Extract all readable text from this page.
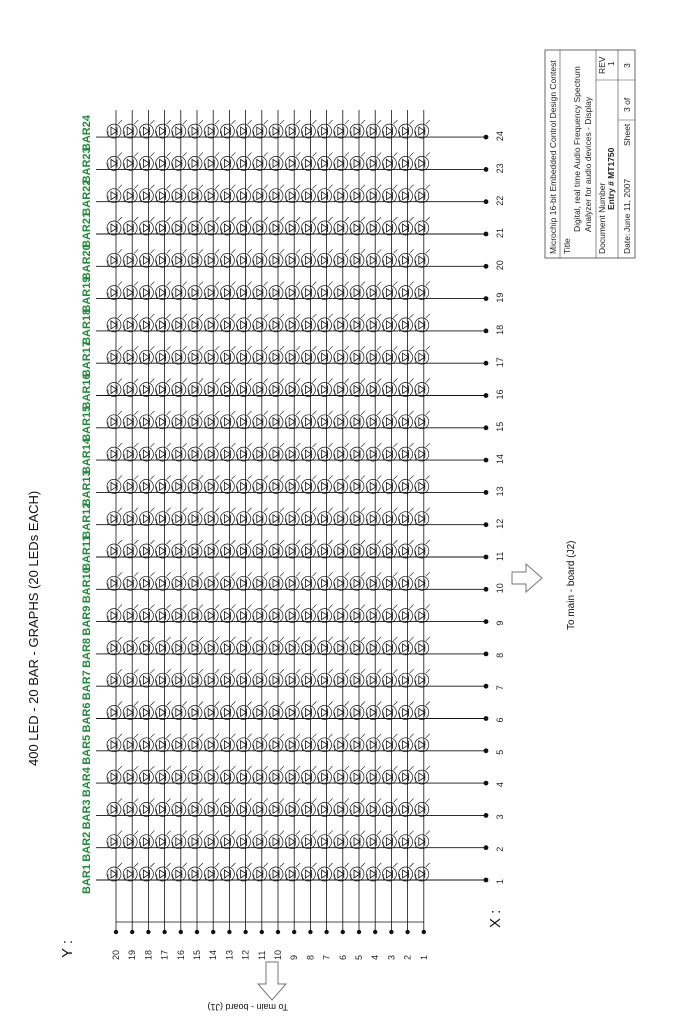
400 LED - 20 BAR - GRAPHS (20 LEDs EACH)
Y :
X :
BAR1
BAR2
BAR3
BAR4
BAR5
BAR6
BAR7
BAR8
BAR9
BAR10
BAR11
BAR12
BAR13
BAR14
BAR15
BAR16
BAR17
BAR18
BAR19
BAR20
BAR21
BAR22
BAR23
BAR24
1
2
3
4
5
6
7
8
9
10
11
12
13
14
15
16
17
18
19
20
21
22
23
24
20 19 18 17 16 15 14 13 12 11 10 9 8 7 6 5 4 3 2 1
To main - board (J1)
To main - board (J2)
Microchip 16-bit Embedded Control Design Contest Title
Digital, real time Audio Frequency Spectrum Analyzer for audio devices - Display Document Number
Entry # MT1750
REV 1
Date:
June 11, 2007
Sheet
3 of
3
